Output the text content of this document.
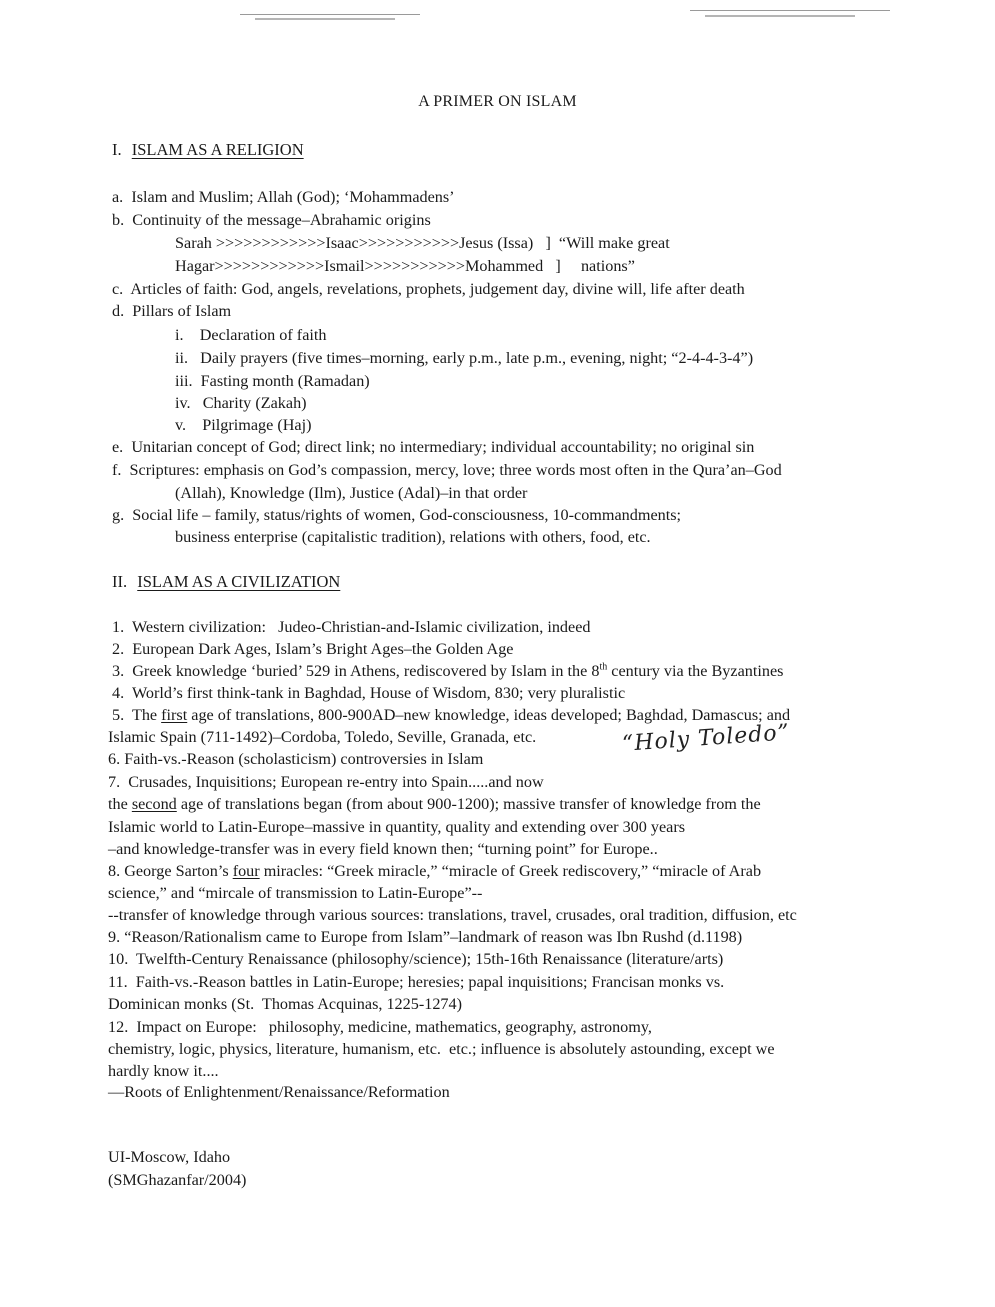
A PRIMER ON ISLAM
I. ISLAM AS A RELIGION
a.  Islam and Muslim; Allah (God); ‘Mohammadens’
b.  Continuity of the message–Abrahamic origins
Sarah >>>>>>>>>>>>Isaac>>>>>>>>>>>Jesus (Issa)   ]  “Will make great
Hagar>>>>>>>>>>>>Ismail>>>>>>>>>>>Mohammed   ]     nations”
c.  Articles of faith: God, angels, revelations, prophets, judgement day, divine will, life after death
d.  Pillars of Islam
i.    Declaration of faith
ii.   Daily prayers (five times–morning, early p.m., late p.m., evening, night; “2-4-4-3-4”)
iii.  Fasting month (Ramadan)
iv.   Charity (Zakah)
v.    Pilgrimage (Haj)
e.  Unitarian concept of God; direct link; no intermediary; individual accountability; no original sin
f.  Scriptures: emphasis on God’s compassion, mercy, love; three words most often in the Qura’an–God
(Allah), Knowledge (Ilm), Justice (Adal)–in that order
g.  Social life – family, status/rights of women, God-consciousness, 10-commandments;
business enterprise (capitalistic tradition), relations with others, food, etc.
II. ISLAM AS A CIVILIZATION
1.  Western civilization:   Judeo-Christian-and-Islamic civilization, indeed
2.  European Dark Ages, Islam’s Bright Ages–the Golden Age
3.  Greek knowledge ‘buried’ 529 in Athens, rediscovered by Islam in the 8th century via the Byzantines
4.  World’s first think-tank in Baghdad, House of Wisdom, 830; very pluralistic
5.  The first age of translations, 800-900AD–new knowledge, ideas developed; Baghdad, Damascus; and
Islamic Spain (711-1492)–Cordoba, Toledo, Seville, Granada, etc.	“Holy Toledo”
6. Faith-vs.-Reason (scholasticism) controversies in Islam
7.  Crusades, Inquisitions; European re-entry into Spain.....and now
the second age of translations began (from about 900-1200); massive transfer of knowledge from the
Islamic world to Latin-Europe–massive in quantity, quality and extending over 300 years
–and knowledge-transfer was in every field known then; “turning point” for Europe..
8. George Sarton’s four miracles: “Greek miracle,” “miracle of Greek rediscovery,” “miracle of Arab
science,” and “mircale of transmission to Latin-Europe”--
--transfer of knowledge through various sources: translations, travel, crusades, oral tradition, diffusion, etc
9. “Reason/Rationalism came to Europe from Islam”–landmark of reason was Ibn Rushd (d.1198)
10.  Twelfth-Century Renaissance (philosophy/science); 15th-16th Renaissance (literature/arts)
11.  Faith-vs.-Reason battles in Latin-Europe; heresies; papal inquisitions; Francisan monks vs.
Dominican monks (St.  Thomas Acquinas, 1225-1274)
12.  Impact on Europe:   philosophy, medicine, mathematics, geography, astronomy,
chemistry, logic, physics, literature, humanism, etc.  etc.; influence is absolutely astounding, except we
hardly know it....
—Roots of Enlightenment/Renaissance/Reformation
UI-Moscow, Idaho
(SMGhazanfar/2004)
